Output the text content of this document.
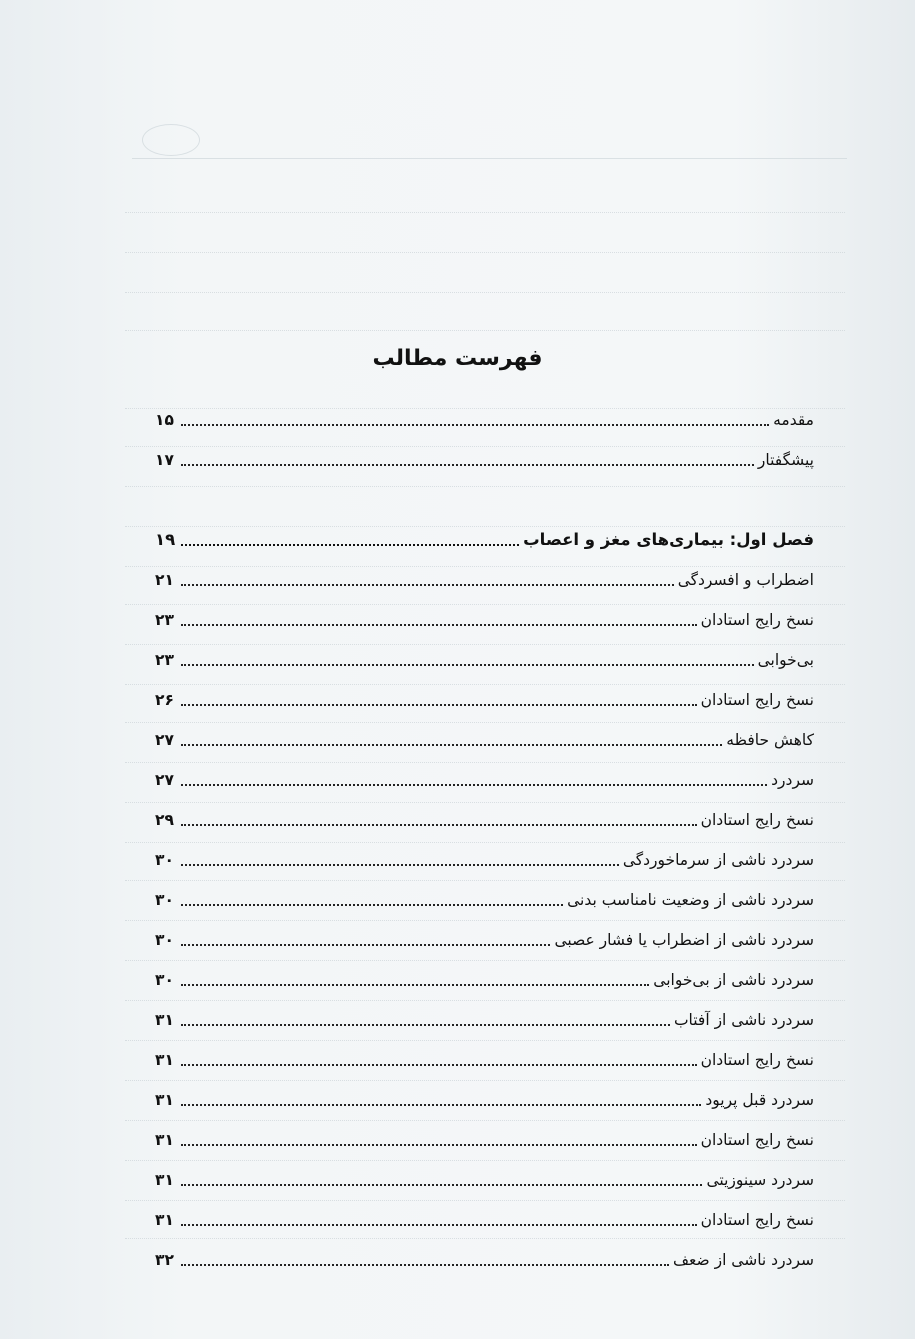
فهرست مطالب
مقدمه
۱۵
پیشگفتار
۱۷
فصل اول: بیماری‌های مغز و اعصاب
۱۹
اضطراب و افسردگی
۲۱
نسخ رایج استادان
۲۳
بی‌خوابی
۲۳
نسخ رایج استادان
۲۶
کاهش حافظه
۲۷
سردرد
۲۷
نسخ رایج استادان
۲۹
سردرد ناشی از سرماخوردگی
۳۰
سردرد ناشی از وضعیت نامناسب بدنی
۳۰
سردرد ناشی از اضطراب یا فشار عصبی
۳۰
سردرد ناشی از بی‌خوابی
۳۰
سردرد ناشی از آفتاب
۳۱
نسخ رایج استادان
۳۱
سردرد قبل پریود
۳۱
نسخ رایج استادان
۳۱
سردرد سینوزیتی
۳۱
نسخ رایج استادان
۳۱
سردرد ناشی از ضعف
۳۲
